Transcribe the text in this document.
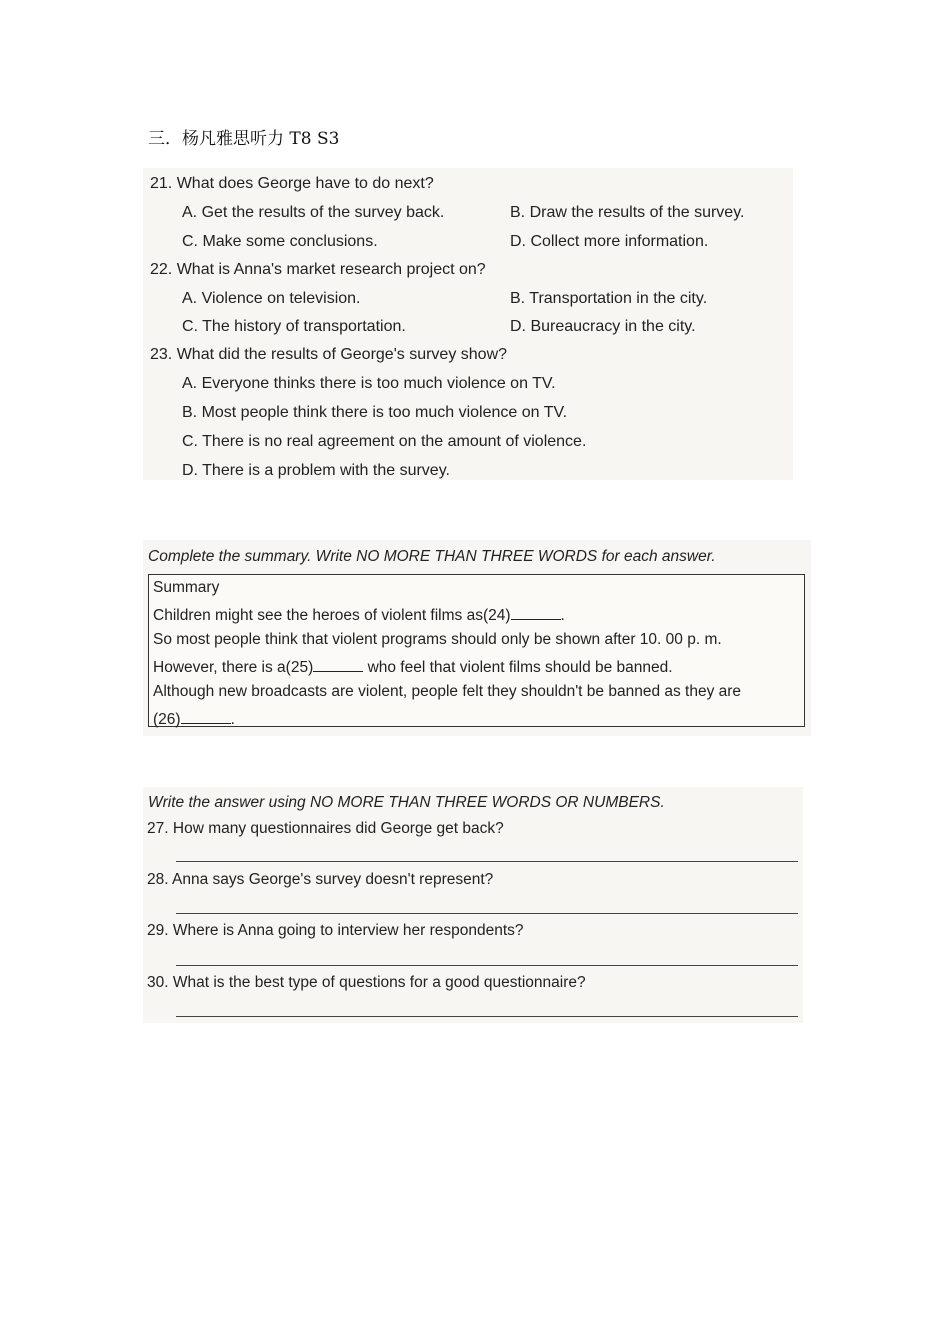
三．杨凡雅思听力 T8 S3
21. What does George have to do next?
A. Get the results of the survey back.	B. Draw the results of the survey.
C. Make some conclusions.	D. Collect more information.
22. What is Anna's market research project on?
A. Violence on television.	B. Transportation in the city.
C. The history of transportation.	D. Bureaucracy in the city.
23. What did the results of George's survey show?
A. Everyone thinks there is too much violence on TV.
B. Most people think there is too much violence on TV.
C. There is no real agreement on the amount of violence.
D. There is a problem with the survey.
Complete the summary. Write NO MORE THAN THREE WORDS for each answer.
Summary
Children might see the heroes of violent films as(24)	.
So most people think that violent programs should only be shown after 10. 00 p. m.
However, there is a(25)	who feel that violent films should be banned.
Although new broadcasts are violent, people felt they shouldn't be banned as they are
(26)	.
Write the answer using NO MORE THAN THREE WORDS OR NUMBERS.
27. How many questionnaires did George get back?
28. Anna says George's survey doesn't represent?
29. Where is Anna going to interview her respondents?
30. What is the best type of questions for a good questionnaire?
